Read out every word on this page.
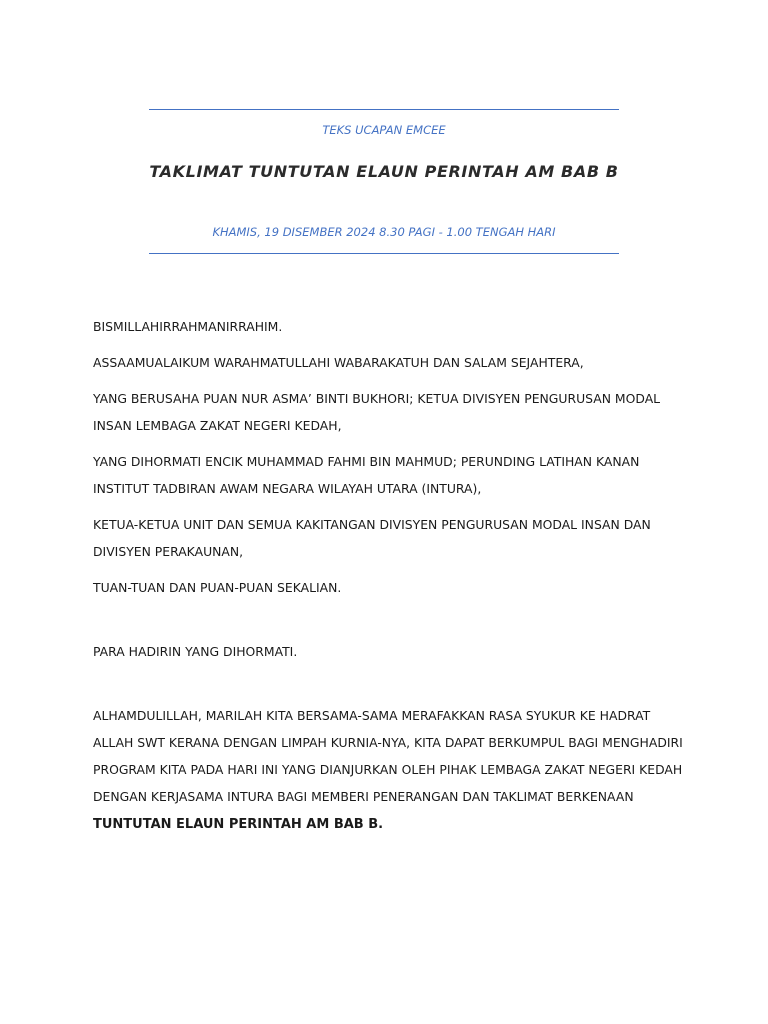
TEKS UCAPAN EMCEE
TAKLIMAT TUNTUTAN ELAUN PERINTAH AM BAB B
KHAMIS, 19 DISEMBER 2024 8.30 PAGI - 1.00 TENGAH HARI

BISMILLAHIRRAHMANIRRAHIM.

ASSAAMUALAIKUM WARAHMATULLAHI WABARAKATUH DAN SALAM SEJAHTERA,

YANG BERUSAHA PUAN NUR ASMA’ BINTI BUKHORI; KETUA DIVISYEN PENGURUSAN MODAL INSAN LEMBAGA ZAKAT NEGERI KEDAH,

YANG DIHORMATI ENCIK MUHAMMAD FAHMI BIN MAHMUD; PERUNDING LATIHAN KANAN INSTITUT TADBIRAN AWAM NEGARA WILAYAH UTARA (INTURA),

KETUA-KETUA UNIT DAN SEMUA KAKITANGAN DIVISYEN PENGURUSAN MODAL INSAN DAN DIVISYEN PERAKAUNAN,

TUAN-TUAN DAN PUAN-PUAN SEKALIAN.

PARA HADIRIN YANG DIHORMATI.

ALHAMDULILLAH, MARILAH KITA BERSAMA-SAMA MERAFAKKAN RASA SYUKUR KE HADRAT ALLAH SWT KERANA DENGAN LIMPAH KURNIA-NYA, KITA DAPAT BERKUMPUL BAGI MENGHADIRI PROGRAM KITA PADA HARI INI YANG DIANJURKAN OLEH PIHAK LEMBAGA ZAKAT NEGERI KEDAH DENGAN KERJASAMA INTURA BAGI MEMBERI PENERANGAN DAN TAKLIMAT BERKENAAN TUNTUTAN ELAUN PERINTAH AM BAB B.
